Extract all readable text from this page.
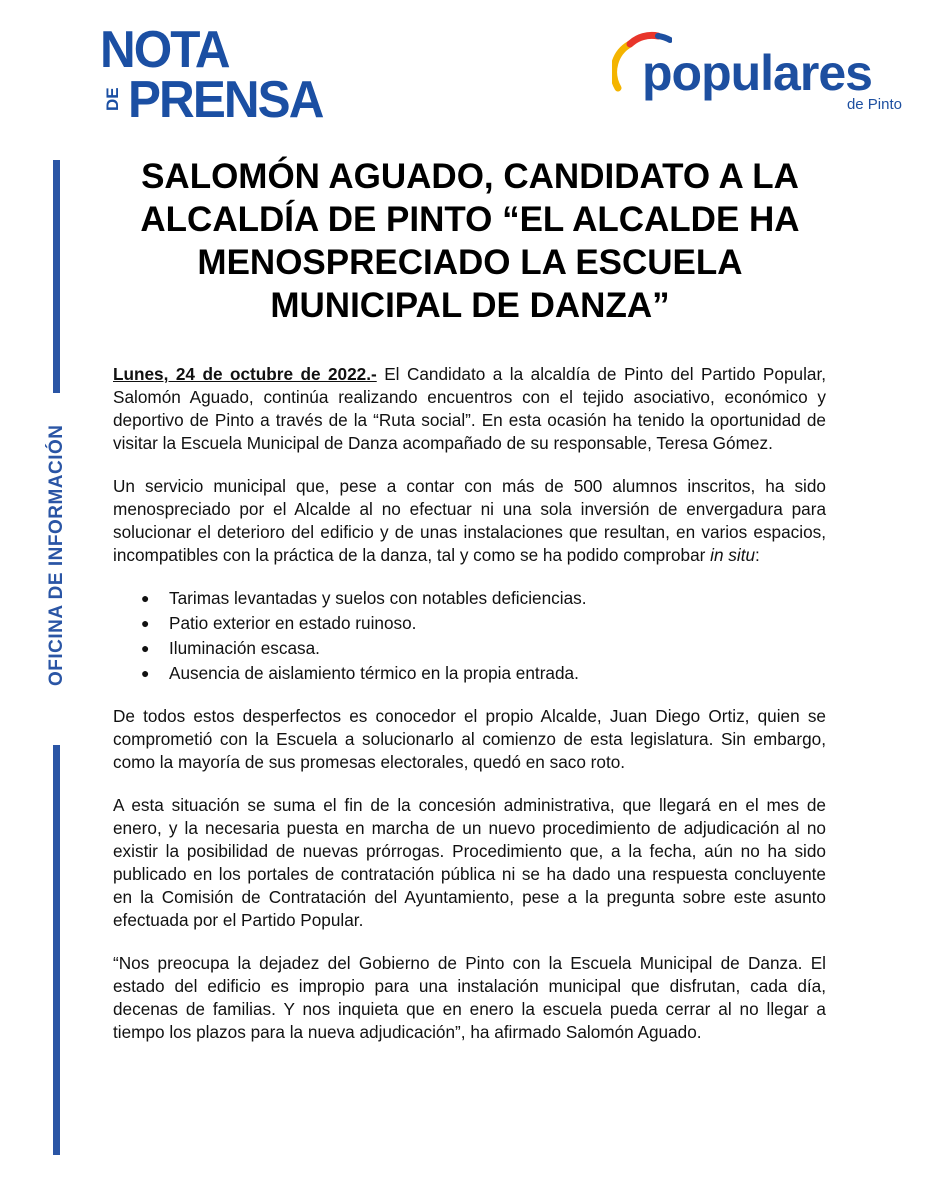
NOTA
DE PRENSA	populares
de Pinto
OFICINA DE INFORMACIÓN
SALOMÓN AGUADO, CANDIDATO A LA ALCALDÍA DE PINTO “EL ALCALDE HA MENOSPRECIADO LA ESCUELA MUNICIPAL DE DANZA”

Lunes, 24 de octubre de 2022.- El Candidato a la alcaldía de Pinto del Partido Popular, Salomón Aguado, continúa realizando encuentros con el tejido asociativo, económico y deportivo de Pinto a través de la “Ruta social”. En esta ocasión ha tenido la oportunidad de visitar la Escuela Municipal de Danza acompañado de su responsable, Teresa Gómez.

Un servicio municipal que, pese a contar con más de 500 alumnos inscritos, ha sido menospreciado por el Alcalde al no efectuar ni una sola inversión de envergadura para solucionar el deterioro del edificio y de unas instalaciones que resultan, en varios espacios, incompatibles con la práctica de la danza, tal y como se ha podido comprobar in situ:

● Tarimas levantadas y suelos con notables deficiencias.
● Patio exterior en estado ruinoso.
● Iluminación escasa.
● Ausencia de aislamiento térmico en la propia entrada.

De todos estos desperfectos es conocedor el propio Alcalde, Juan Diego Ortiz, quien se comprometió con la Escuela a solucionarlo al comienzo de esta legislatura. Sin embargo, como la mayoría de sus promesas electorales, quedó en saco roto.

A esta situación se suma el fin de la concesión administrativa, que llegará en el mes de enero, y la necesaria puesta en marcha de un nuevo procedimiento de adjudicación al no existir la posibilidad de nuevas prórrogas. Procedimiento que, a la fecha, aún no ha sido publicado en los portales de contratación pública ni se ha dado una respuesta concluyente en la Comisión de Contratación del Ayuntamiento, pese a la pregunta sobre este asunto efectuada por el Partido Popular.

“Nos preocupa la dejadez del Gobierno de Pinto con la Escuela Municipal de Danza. El estado del edificio es impropio para una instalación municipal que disfrutan, cada día, decenas de familias. Y nos inquieta que en enero la escuela pueda cerrar al no llegar a tiempo los plazos para la nueva adjudicación”, ha afirmado Salomón Aguado.
